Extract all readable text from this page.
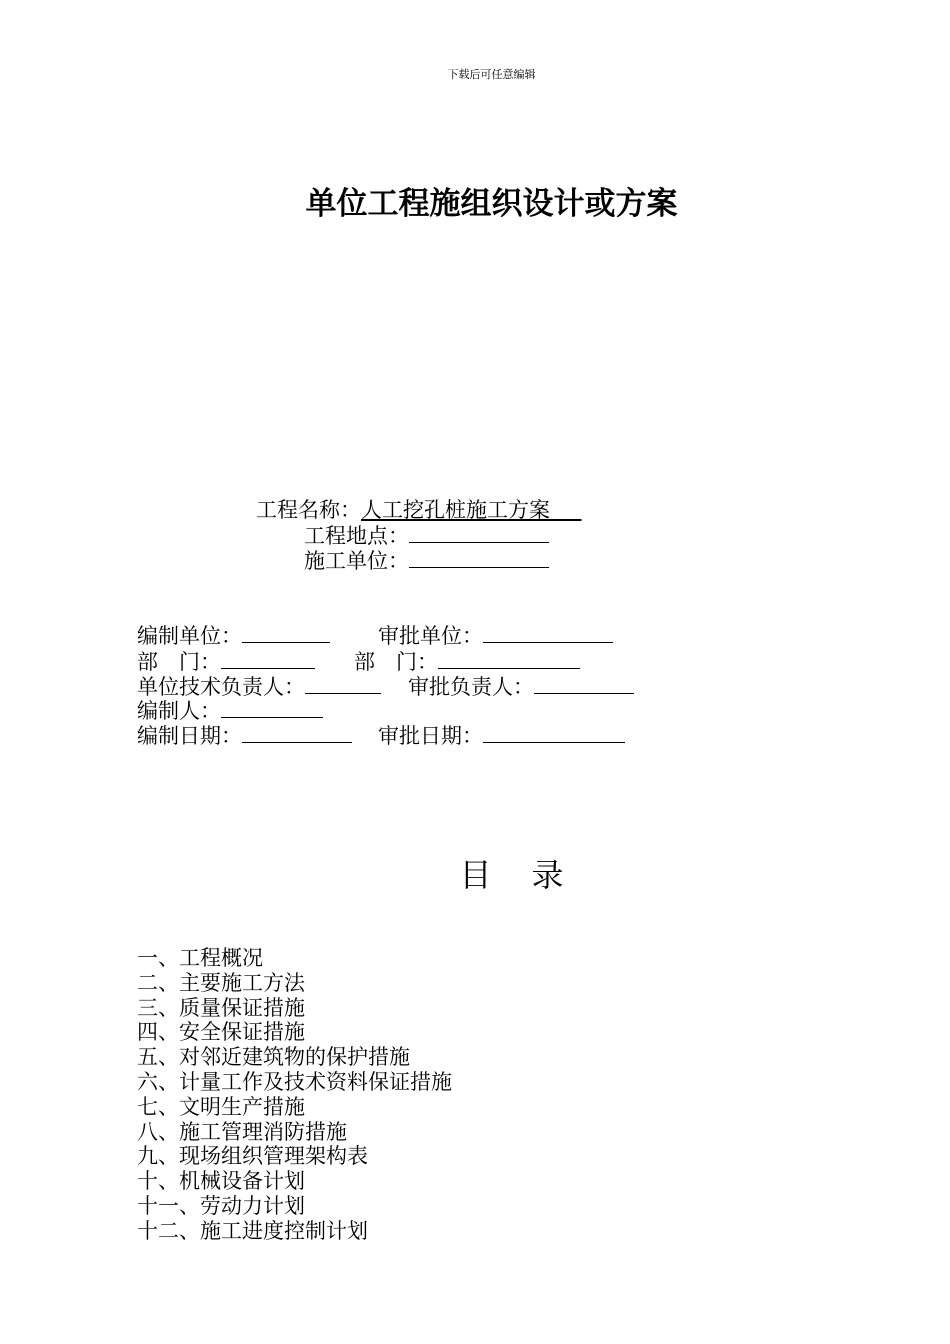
下载后可任意编辑
单位工程施组织设计或方案
工程名称：人工挖孔桩施工方案　 
工程地点：
施工单位：
编制单位：	审批单位：
部　门：	部　门：
单位技术负责人：	审批负责人：
编制人：
编制日期：	审批日期：
目录
一、工程概况
二、主要施工方法
三、质量保证措施
四、安全保证措施
五、对邻近建筑物的保护措施
六、计量工作及技术资料保证措施
七、文明生产措施
八、施工管理消防措施
九、现场组织管理架构表
十、机械设备计划
十一、劳动力计划
十二、施工进度控制计划
